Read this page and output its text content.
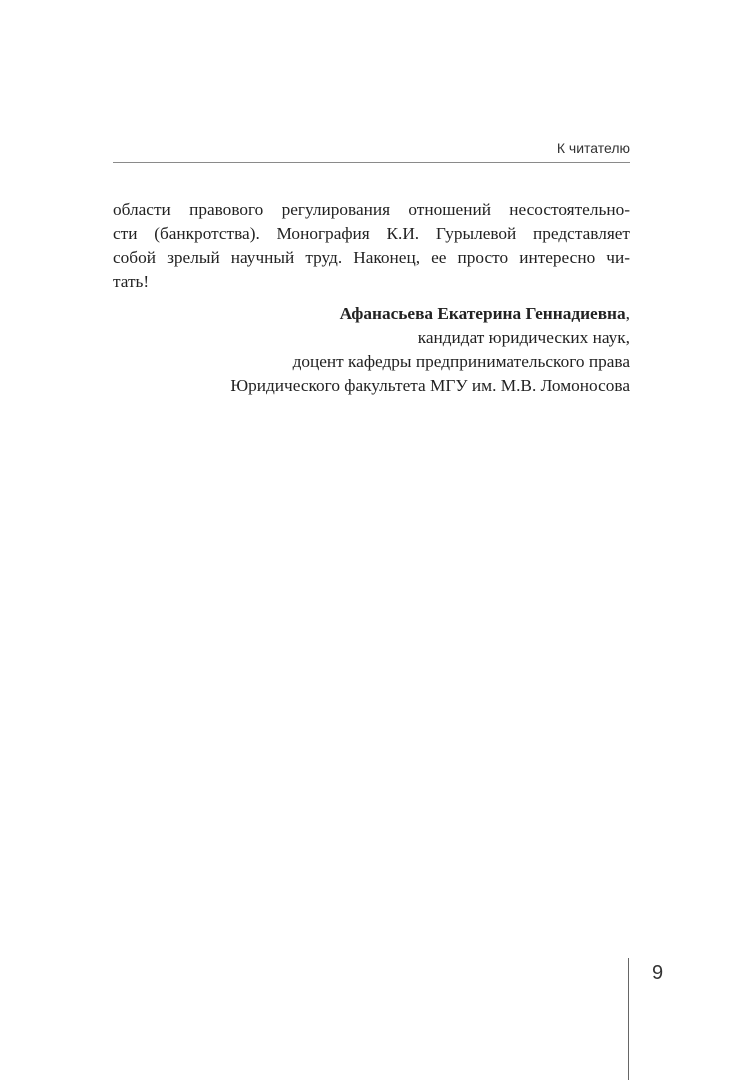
К читателю
области правового регулирования отношений несостоятельно-
сти (банкротства). Монография К.И. Гурылевой представляет
собой зрелый научный труд. Наконец, ее просто интересно чи-
тать!
Афанасьева Екатерина Геннадиевна,
кандидат юридических наук,
доцент кафедры предпринимательского права
Юридического факультета МГУ им. М.В. Ломоносова
9
